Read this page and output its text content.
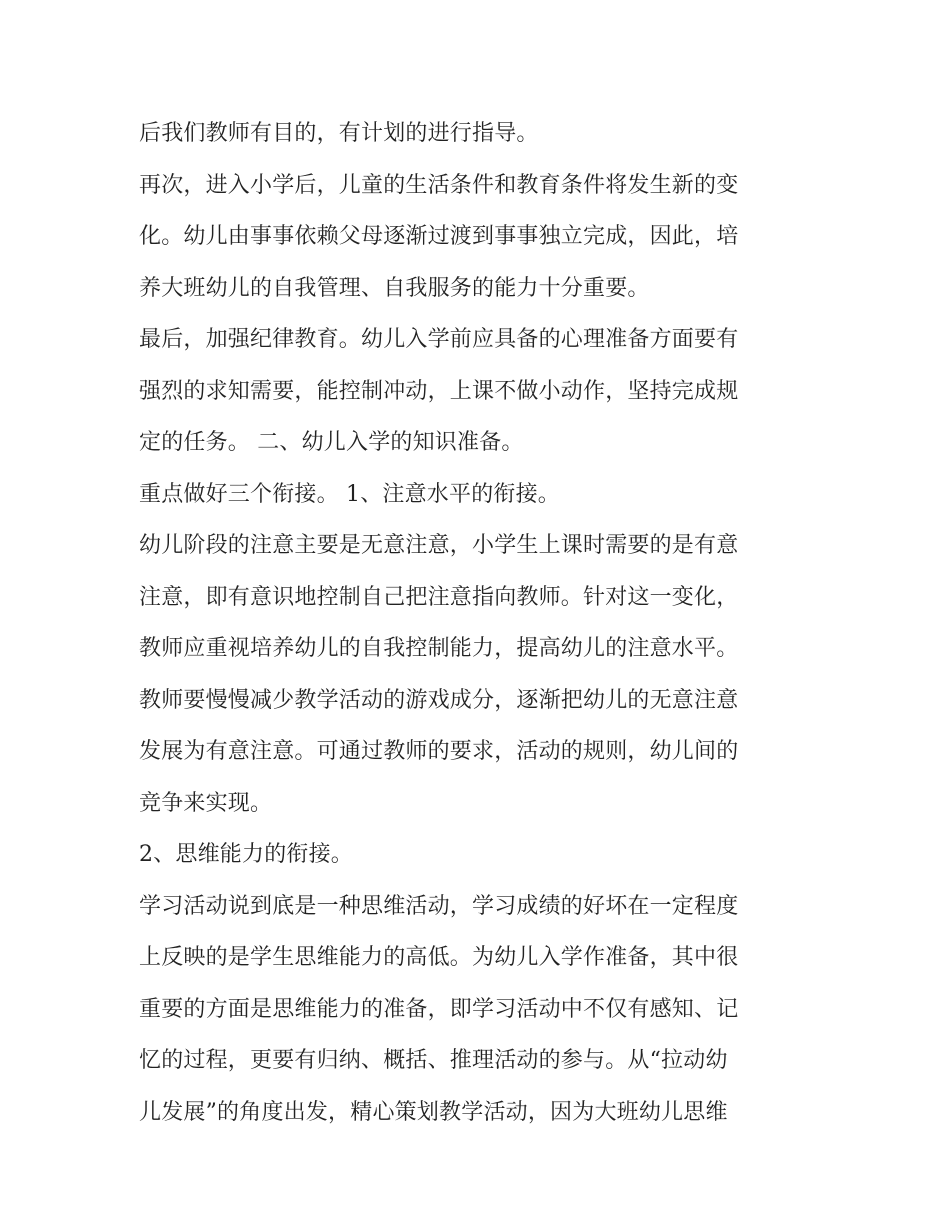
后我们教师有目的，有计划的进行指导。
再次，进入小学后，儿童的生活条件和教育条件将发生新的变
化。幼儿由事事依赖父母逐渐过渡到事事独立完成，因此，培
养大班幼儿的自我管理、自我服务的能力十分重要。
最后，加强纪律教育。幼儿入学前应具备的心理准备方面要有
强烈的求知需要，能控制冲动，上课不做小动作，坚持完成规
定的任务。 二、幼儿入学的知识准备。
重点做好三个衔接。 1、注意水平的衔接。
幼儿阶段的注意主要是无意注意，小学生上课时需要的是有意
注意，即有意识地控制自己把注意指向教师。针对这一变化，
教师应重视培养幼儿的自我控制能力，提高幼儿的注意水平。
教师要慢慢减少教学活动的游戏成分，逐渐把幼儿的无意注意
发展为有意注意。可通过教师的要求，活动的规则，幼儿间的
竞争来实现。
2、思维能力的衔接。
学习活动说到底是一种思维活动，学习成绩的好坏在一定程度
上反映的是学生思维能力的高低。为幼儿入学作准备，其中很
重要的方面是思维能力的准备，即学习活动中不仅有感知、记
忆的过程，更要有归纳、概括、推理活动的参与。从“拉动幼
儿发展”的角度出发，精心策划教学活动，因为大班幼儿思维
